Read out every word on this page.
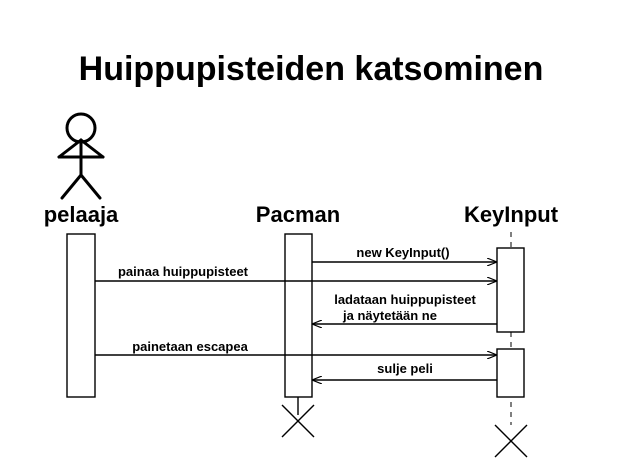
Huippupisteiden katsominen
pelaaja	Pacman	KeyInput
new KeyInput()
painaa huippupisteet
ladataan huippupisteet
ja näytetään ne
painetaan escapea
sulje peli
